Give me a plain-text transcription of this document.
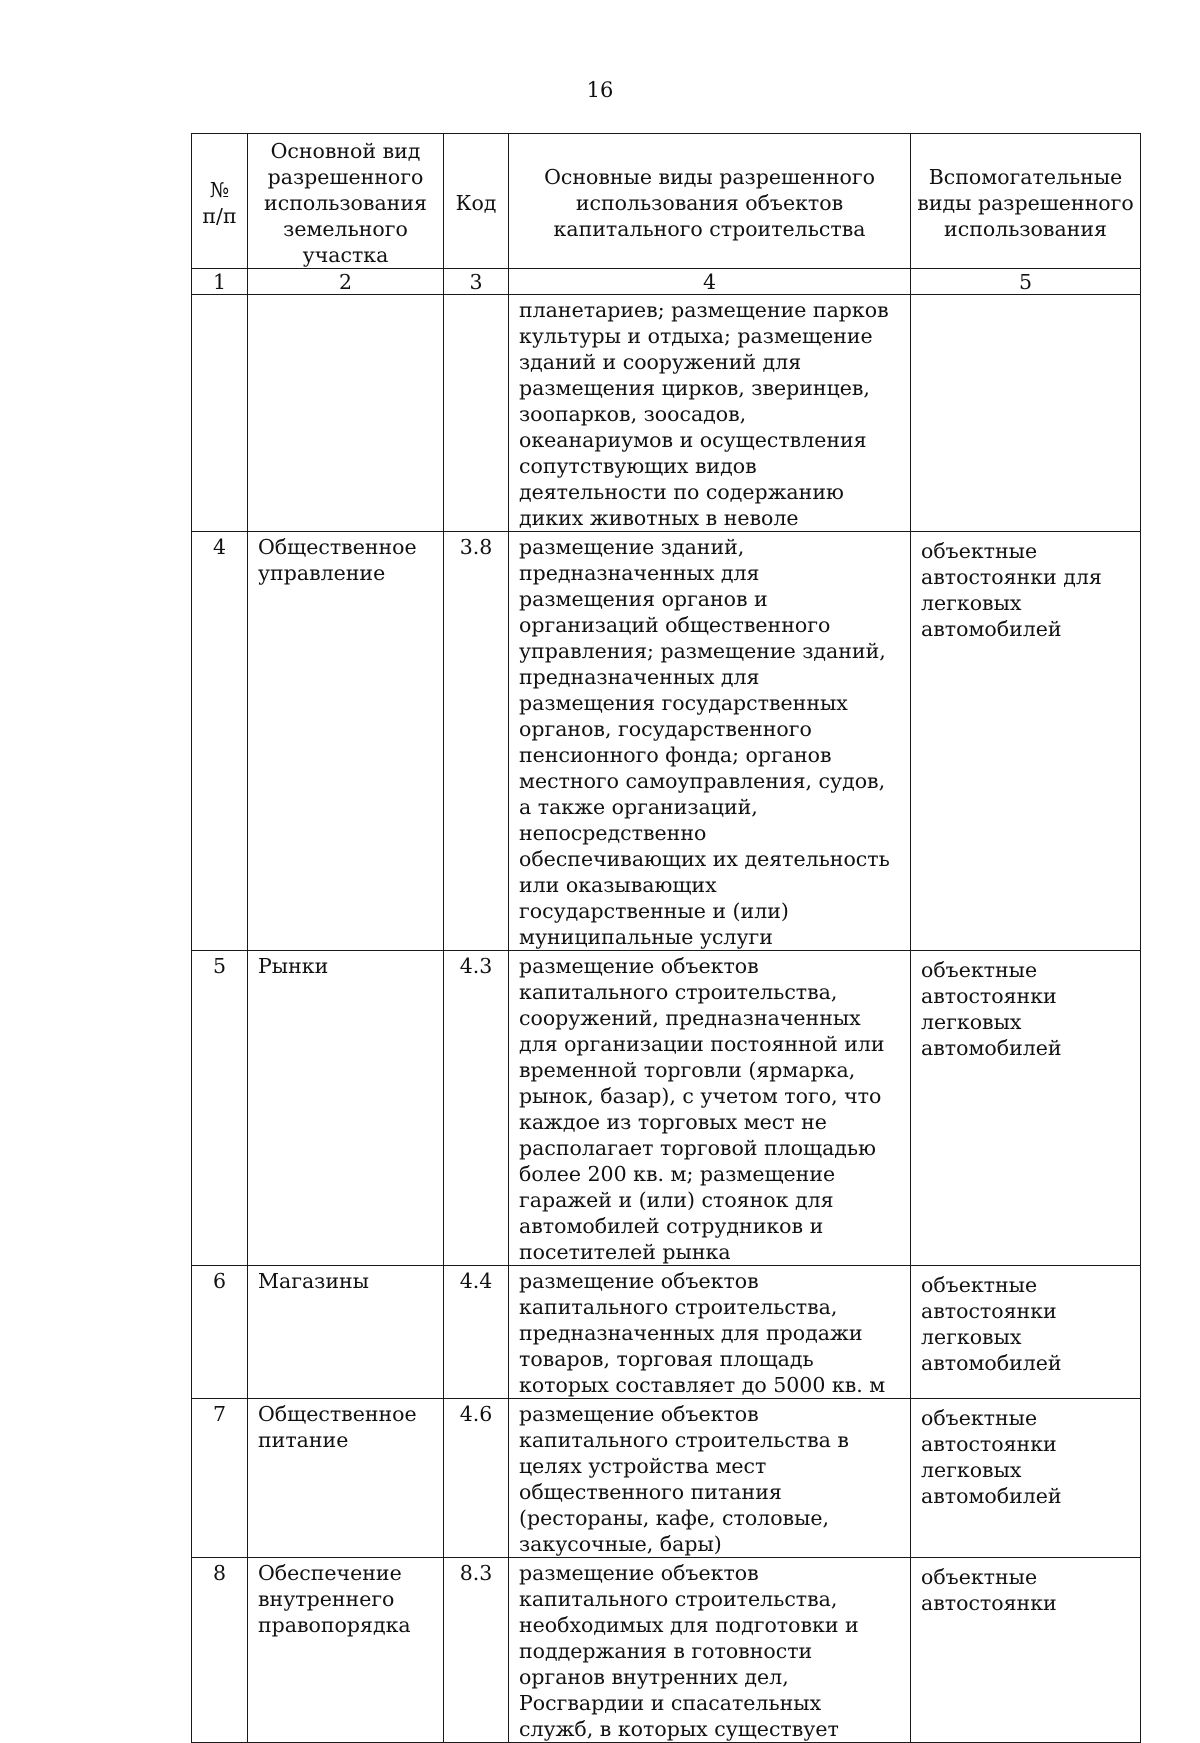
16
№
п/п	Основной вид разрешенного использования земельного участка	Код	Основные виды разрешенного использования объектов капитального строительства	Вспомогательные виды разрешенного использования
1	2	3	4	5
			планетариев; размещение парков культуры и отдыха; размещение зданий и сооружений для размещения цирков, зверинцев, зоопарков, зоосадов, океанариумов и осуществления сопутствующих видов деятельности по содержанию диких животных в неволе	
4	Общественное управление	3.8	размещение зданий, предназначенных для размещения органов и организаций общественного управления; размещение зданий, предназначенных для размещения государственных органов, государственного пенсионного фонда; органов местного самоуправления, судов, а также организаций, непосредственно обеспечивающих их деятельность или оказывающих государственные и (или) муниципальные услуги	объектные автостоянки для легковых автомобилей
5	Рынки	4.3	размещение объектов капитального строительства, сооружений, предназначенных для организации постоянной или временной торговли (ярмарка, рынок, базар), с учетом того, что каждое из торговых мест не располагает торговой площадью более 200 кв. м; размещение гаражей и (или) стоянок для автомобилей сотрудников и посетителей рынка	объектные автостоянки легковых автомобилей
6	Магазины	4.4	размещение объектов капитального строительства, предназначенных для продажи товаров, торговая площадь которых составляет до 5000 кв. м	объектные автостоянки легковых автомобилей
7	Общественное питание	4.6	размещение объектов капитального строительства в целях устройства мест общественного питания (рестораны, кафе, столовые, закусочные, бары)	объектные автостоянки легковых автомобилей
8	Обеспечение внутреннего правопорядка	8.3	размещение объектов капитального строительства, необходимых для подготовки и поддержания в готовности органов внутренних дел, Росгвардии и спасательных служб, в которых существует	объектные автостоянки
